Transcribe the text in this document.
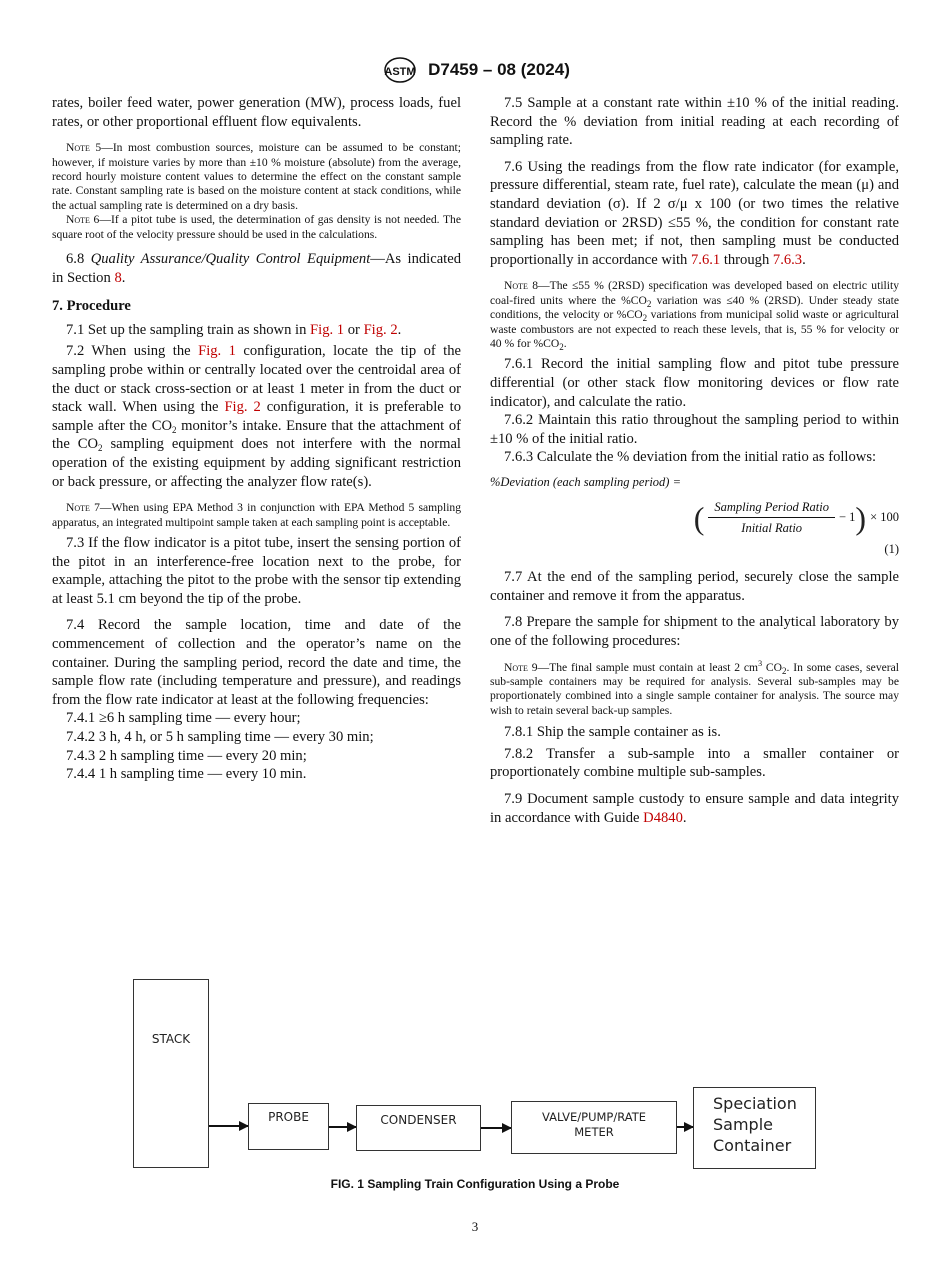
ASTM D7459 – 08 (2024)

rates, boiler feed water, power generation (MW), process loads, fuel rates, or other proportional effluent flow equivalents.

Note 5—In most combustion sources, moisture can be assumed to be constant; however, if moisture varies by more than ±10 % moisture (absolute) from the average, record hourly moisture content values to determine the effect on the constant sample rate. Constant sampling rate is based on the moisture content at stack conditions, while the actual sampling rate is determined on a dry basis.

Note 6—If a pitot tube is used, the determination of gas density is not needed. The square root of the velocity pressure should be used in the calculations.

6.8 Quality Assurance/Quality Control Equipment—As indicated in Section 8.

7. Procedure

7.1 Set up the sampling train as shown in Fig. 1 or Fig. 2.

7.2 When using the Fig. 1 configuration, locate the tip of the sampling probe within or centrally located over the centroidal area of the duct or stack cross-section or at least 1 meter in from the duct or stack wall. When using the Fig. 2 configuration, it is preferable to sample after the $CO_2$ monitor’s intake. Ensure that the attachment of the $CO_2$ sampling equipment does not interfere with the normal operation of the existing equipment by adding significant restriction or back pressure, or affecting the analyzer flow rate(s).

Note 7—When using EPA Method 3 in conjunction with EPA Method 5 sampling apparatus, an integrated multipoint sample taken at each sampling point is acceptable.

7.3 If the flow indicator is a pitot tube, insert the sensing portion of the pitot in an interference-free location next to the probe, for example, attaching the pitot to the probe with the sensor tip extending at least 5.1 cm beyond the tip of the probe.

7.4 Record the sample location, time and date of the commencement of collection and the operator’s name on the container. During the sampling period, record the date and time, the sample flow rate (including temperature and pressure), and readings from the flow rate indicator at least at the following frequencies:

7.4.1 ≥6 h sampling time — every hour;

7.4.2 3 h, 4 h, or 5 h sampling time — every 30 min;

7.4.3 2 h sampling time — every 20 min;

7.4.4 1 h sampling time — every 10 min.

7.5 Sample at a constant rate within ±10 % of the initial reading. Record the % deviation from initial reading at each recording of sampling rate.

7.6 Using the readings from the flow rate indicator (for example, pressure differential, steam rate, fuel rate), calculate the mean (μ) and standard deviation (σ). If 2 σ/μ x 100 (or two times the relative standard deviation or 2RSD) ≤55 %, the condition for constant rate sampling has been met; if not, then sampling must be conducted proportionally in accordance with 7.6.1 through 7.6.3.

Note 8—The ≤55 % (2RSD) specification was developed based on electric utility coal-fired units where the $\%CO_2$ variation was ≤40 % (2RSD). Under steady state conditions, the velocity or $\%CO_2$ variations from municipal solid waste or agricultural waste combustors are not expected to reach these levels, that is, 55 % for velocity or 40 % for $\%CO_2$.

7.6.1 Record the initial sampling flow and pitot tube pressure differential (or other stack flow monitoring devices or flow rate indicator), and calculate the ratio.

7.6.2 Maintain this ratio throughout the sampling period to within ±10 % of the initial ratio.

7.6.3 Calculate the % deviation from the initial ratio as follows:

%Deviation (each sampling period) =
( $\frac{\text{Sampling Period Ratio}}{\text{Initial Ratio}} - 1$ ) × 100
(1)

7.7 At the end of the sampling period, securely close the sample container and remove it from the apparatus.

7.8 Prepare the sample for shipment to the analytical laboratory by one of the following procedures:

Note 9—The final sample must contain at least 2 $cm^3$ $CO_2$. In some cases, several sub-sample containers may be required for analysis. Several sub-samples may be proportionately combined into a single sample container for analysis. The source may wish to retain several back-up samples.

7.8.1 Ship the sample container as is.

7.8.2 Transfer a sub-sample into a smaller container or proportionately combine multiple sub-samples.

7.9 Document sample custody to ensure sample and data integrity in accordance with Guide D4840.

STACK
PROBE	CONDENSER	VALVE/PUMP/RATE
METER
Speciation
Sample
Container
FIG. 1 Sampling Train Configuration Using a Probe
3
